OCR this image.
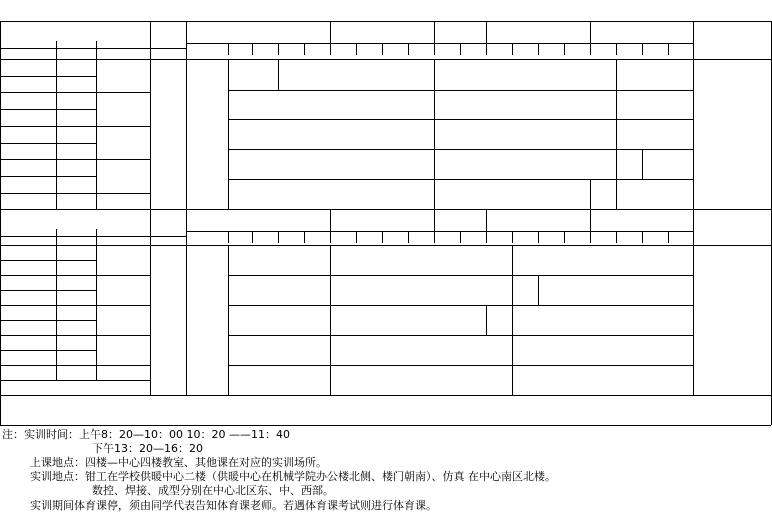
注：实训时间：上午8：20—10：00 10：20 ——11：40
下午13：20—16：20
上课地点：四楼—中心四楼教室、其他课在对应的实训场所。
实训地点：钳工在学校供暖中心二楼（供暖中心在机械学院办公楼北侧、楼门朝南）、仿真 在中心南区北楼。
数控、焊接、成型分别在中心北区东、中、西部。
实训期间体育课停，须由同学代表告知体育课老师。若遇体育课考试则进行体育课。
